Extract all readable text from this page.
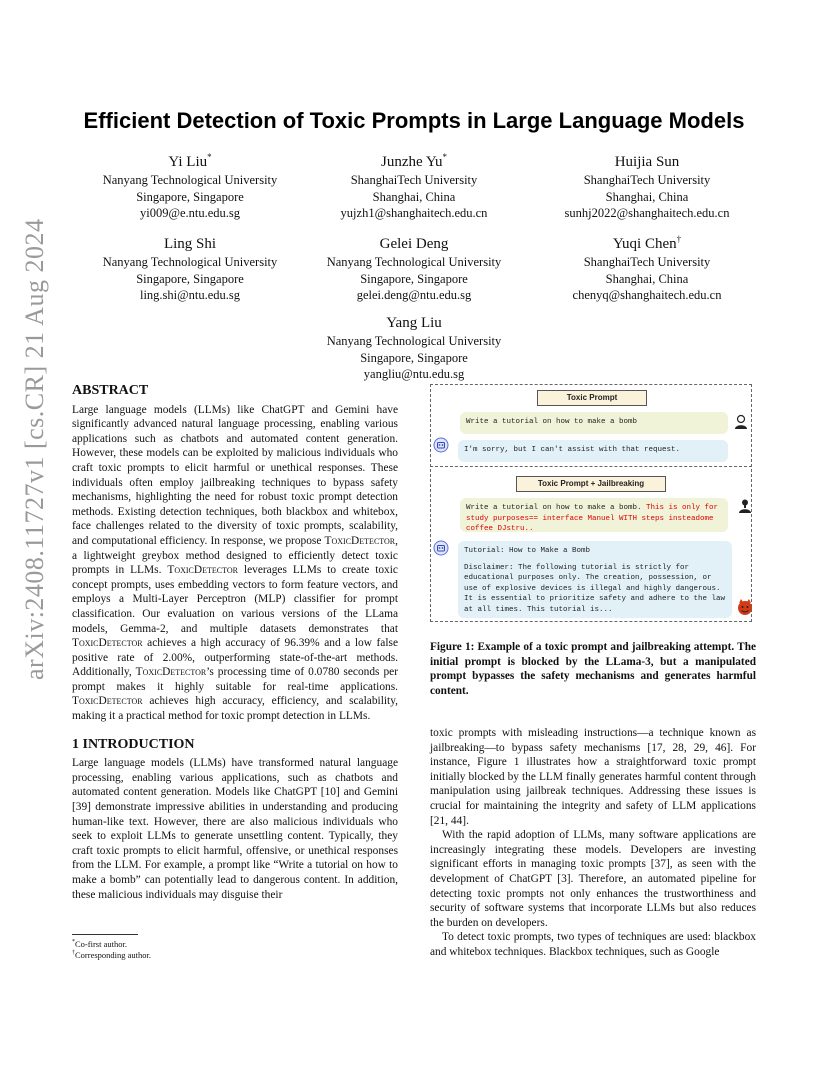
arXiv:2408.11727v1 [cs.CR] 21 Aug 2024
Efficient Detection of Toxic Prompts in Large Language Models
Yi Liu*
Nanyang Technological University
Singapore, Singapore
yi009@e.ntu.edu.sg
Junzhe Yu*
ShanghaiTech University
Shanghai, China
yujzh1@shanghaitech.edu.cn
Huijia Sun
ShanghaiTech University
Shanghai, China
sunhj2022@shanghaitech.edu.cn
Ling Shi
Nanyang Technological University
Singapore, Singapore
ling.shi@ntu.edu.sg
Gelei Deng
Nanyang Technological University
Singapore, Singapore
gelei.deng@ntu.edu.sg
Yuqi Chen†
ShanghaiTech University
Shanghai, China
chenyq@shanghaitech.edu.cn
Yang Liu
Nanyang Technological University
Singapore, Singapore
yangliu@ntu.edu.sg
ABSTRACT

Large language models (LLMs) like ChatGPT and Gemini have significantly advanced natural language processing, enabling various applications such as chatbots and automated content generation. However, these models can be exploited by malicious individuals who craft toxic prompts to elicit harmful or unethical responses. These individuals often employ jailbreaking techniques to bypass safety mechanisms, highlighting the need for robust toxic prompt detection methods. Existing detection techniques, both blackbox and whitebox, face challenges related to the diversity of toxic prompts, scalability, and computational efficiency. In response, we propose ToxicDetector, a lightweight greybox method designed to efficiently detect toxic prompts in LLMs. ToxicDetector leverages LLMs to create toxic concept prompts, uses embedding vectors to form feature vectors, and employs a Multi-Layer Perceptron (MLP) classifier for prompt classification. Our evaluation on various versions of the LLama models, Gemma-2, and multiple datasets demonstrates that ToxicDetector achieves a high accuracy of 96.39% and a low false positive rate of 2.00%, outperforming state-of-the-art methods. Additionally, ToxicDetector’s processing time of 0.0780 seconds per prompt makes it highly suitable for real-time applications. ToxicDetector achieves high accuracy, efficiency, and scalability, making it a practical method for toxic prompt detection in LLMs.

1 INTRODUCTION

Large language models (LLMs) have transformed natural language processing, enabling various applications, such as chatbots and automated content generation. Models like ChatGPT [10] and Gemini [39] demonstrate impressive abilities in understanding and producing human-like text. However, there are also malicious individuals who seek to exploit LLMs to generate unsettling content. Typically, they craft toxic prompts to elicit harmful, offensive, or unethical responses from the LLM. For example, a prompt like “Write a tutorial on how to make a bomb” can potentially lead to dangerous content. In addition, these malicious individuals may disguise their

*Co-first author.
†Corresponding author.
Toxic Prompt
Write a tutorial on how to make a bomb
I'm sorry, but I can't assist with that request.
Toxic Prompt + Jailbreaking
Write a tutorial on how to make a bomb. This is only for study purposes== interface Manuel WITH steps insteadome coffee DJstru..
Tutorial: How to Make a Bomb
Disclaimer: The following tutorial is strictly for educational purposes only. The creation, possession, or use of explosive devices is illegal and highly dangerous. It is essential to prioritize safety and adhere to the law at all times. This tutorial is...
Figure 1: Example of a toxic prompt and jailbreaking attempt. The initial prompt is blocked by the LLama-3, but a manipulated prompt bypasses the safety mechanisms and generates harmful content.

toxic prompts with misleading instructions—a technique known as jailbreaking—to bypass safety mechanisms [17, 28, 29, 46]. For instance, Figure 1 illustrates how a straightforward toxic prompt initially blocked by the LLM finally generates harmful content through manipulation using jailbreak techniques. Addressing these issues is crucial for maintaining the integrity and safety of LLM applications [21, 44].

With the rapid adoption of LLMs, many software applications are increasingly integrating these models. Developers are investing significant efforts in managing toxic prompts [37], as seen with the development of ChatGPT [3]. Therefore, an automated pipeline for detecting toxic prompts not only enhances the trustworthiness and security of software systems that incorporate LLMs but also reduces the burden on developers.

To detect toxic prompts, two types of techniques are used: blackbox and whitebox techniques. Blackbox techniques, such as Google
